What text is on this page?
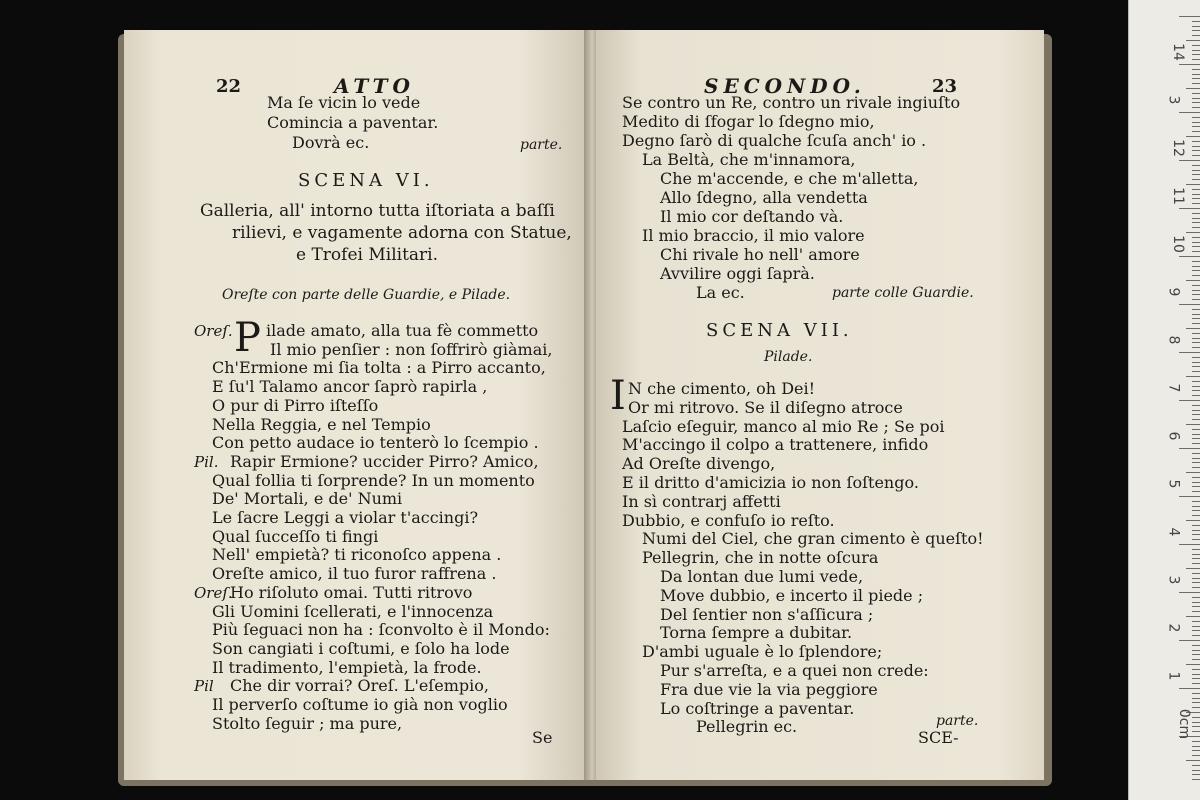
22	ATTO
Ma ſe vicin lo vede
Comincia a paventar.
Dovrà ec.	parte.
SCENA VI.
Galleria, all' intorno tutta iſtoriata a baſſi
rilievi, e vagamente adorna con Statue,
e Trofei Militari.
Oreſte con parte delle Guardie, e Pilade.
P
Oreſ. ilade amato, alla tua fè commetto
Il mio penſier : non ſoffrirò giàmai,
Ch'Ermione mi ſia tolta : a Pirro accanto,
E ſu'l Talamo ancor ſaprò rapirla ,
O pur di Pirro iſteſſo
Nella Reggia, e nel Tempio
Con petto audace io tenterò lo ſcempio .
Pil. Rapir Ermione? uccider Pirro? Amico,
Qual follia ti ſorprende? In un momento
De' Mortali, e de' Numi
Le ſacre Leggi a violar t'accingi?
Qual ſucceſſo ti fingi
Nell' empietà? ti riconoſco appena .
Oreſte amico, il tuo furor raffrena .
Oreſ.
Ho riſoluto omai. Tutti ritrovo
Gli Uomini ſcellerati, e l'innocenza
Più ſeguaci non ha : ſconvolto è il Mondo:
Son cangiati i coſtumi, e ſolo ha lode
Il tradimento, l'empietà, la frode.
Pil Che dir vorrai? Oreſ. L'eſempio,
Il perverſo coſtume io già non voglio
Stolto ſeguir ; ma pure,
Se
SECONDO.	23
Se contro un Re, contro un rivale ingiuſto
Medito di ſfogar lo ſdegno mio,
Degno ſarò di qualche ſcuſa anch' io .
La Beltà, che m'innamora,
Che m'accende, e che m'alletta,
Allo ſdegno, alla vendetta
Il mio cor deſtando và.
Il mio braccio, il mio valore
Chi rivale ho nell' amore
Avvilire oggi ſaprà.
La ec.	parte colle Guardie.
SCENA VII.
Pilade.
I N che cimento, oh Dei!
Or mi ritrovo. Se il diſegno atroce
Laſcio eſeguir, manco al mio Re ; Se poi
M'accingo il colpo a trattenere, infido
Ad Oreſte divengo,
E il dritto d'amicizia io non ſoſtengo.
In sì contrarj affetti
Dubbio, e confuſo io reſto.
Numi del Ciel, che gran cimento è queſto!
Pellegrin, che in notte oſcura
Da lontan due lumi vede,
Move dubbio, e incerto il piede ;
Del ſentier non s'aſſicura ;
Torna ſempre a dubitar.
D'ambi uguale è lo ſplendore;
Pur s'arreſta, e a quei non crede:
Fra due vie la via peggiore
Lo coſtringe a paventar.
Pellegrin ec.	parte.
SCE-
14
3
12
11
10
9
8
7
6
5
4
3
2
1
0cm
